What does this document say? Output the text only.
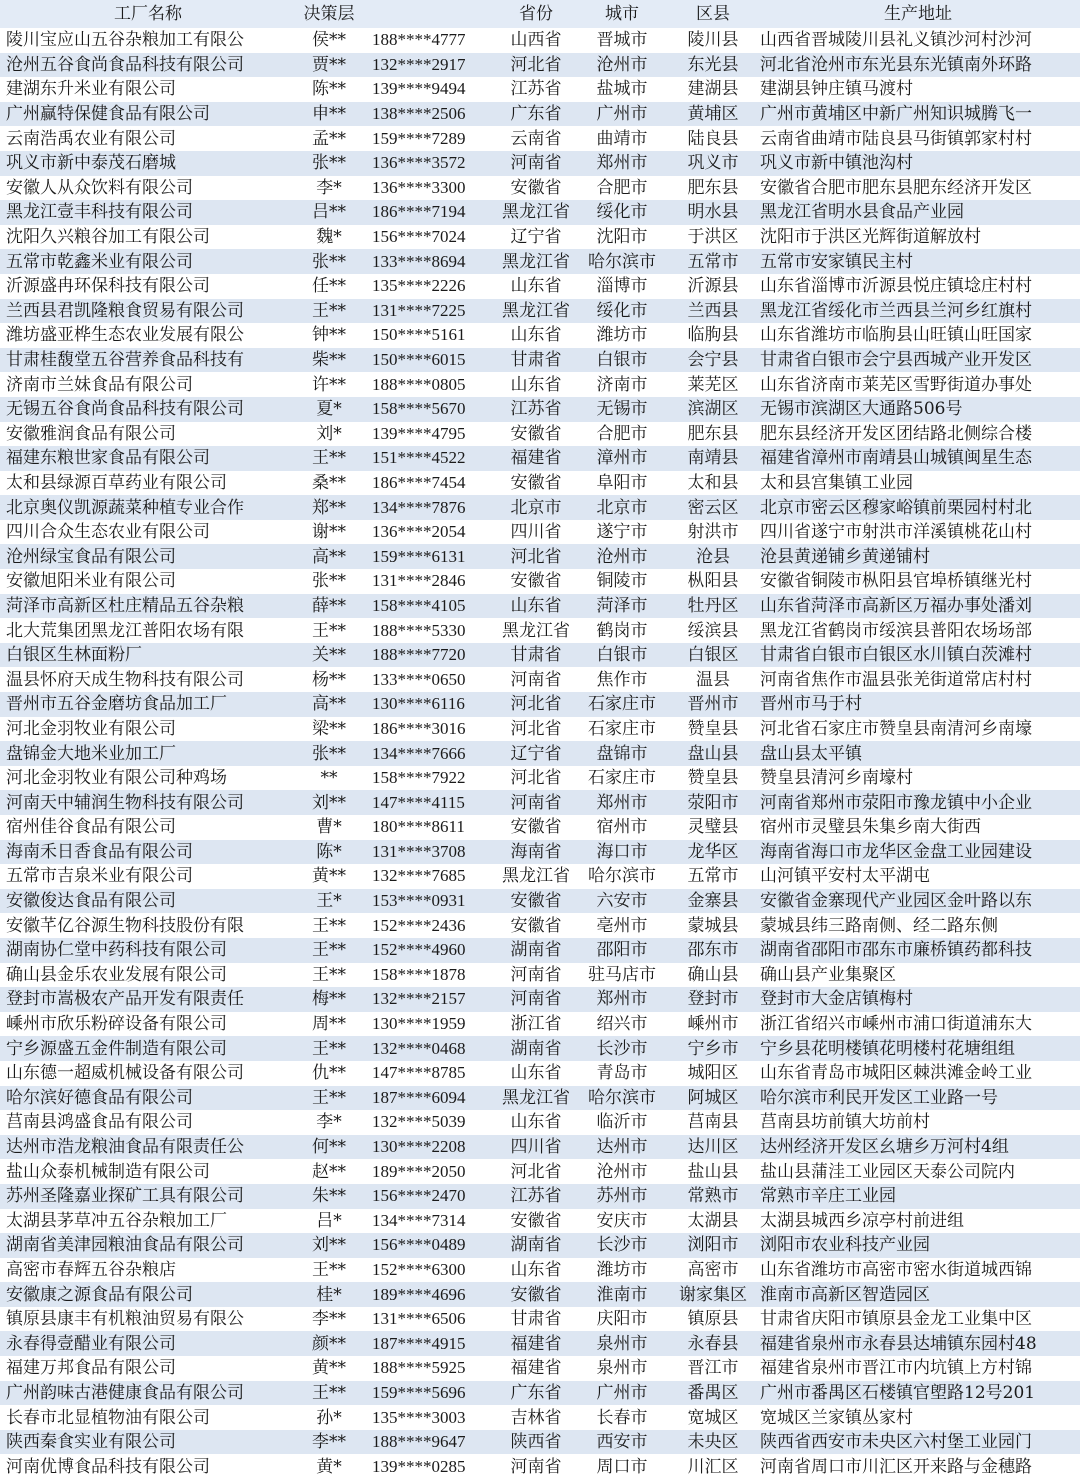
工厂名称	决策层		省份	城市	区县	生产地址
陵川宝应山五谷杂粮加工有限公	侯**	188****4777	山西省	晋城市	陵川县	山西省晋城陵川县礼义镇沙河村沙河
沧州五谷食尚食品科技有限公司	贾**	132****2917	河北省	沧州市	东光县	河北省沧州市东光县东光镇南外环路
建湖东升米业有限公司	陈**	139****9494	江苏省	盐城市	建湖县	建湖县钟庄镇马渡村
广州赢特保健食品有限公司	申**	138****2506	广东省	广州市	黄埔区	广州市黄埔区中新广州知识城腾飞一
云南浩禹农业有限公司	孟**	159****7289	云南省	曲靖市	陆良县	云南省曲靖市陆良县马街镇郭家村村
巩义市新中泰茂石磨城	张**	136****3572	河南省	郑州市	巩义市	巩义市新中镇池沟村
安徽人从众饮料有限公司	李*	136****3300	安徽省	合肥市	肥东县	安徽省合肥市肥东县肥东经济开发区
黑龙江壹丰科技有限公司	吕**	186****7194	黑龙江省	绥化市	明水县	黑龙江省明水县食品产业园
沈阳久兴粮谷加工有限公司	魏*	156****7024	辽宁省	沈阳市	于洪区	沈阳市于洪区光辉街道解放村
五常市乾鑫米业有限公司	张**	133****8694	黑龙江省	哈尔滨市	五常市	五常市安家镇民主村
沂源盛冉环保科技有限公司	任**	135****2226	山东省	淄博市	沂源县	山东省淄博市沂源县悦庄镇埝庄村村
兰西县君凯隆粮食贸易有限公司	王**	131****7225	黑龙江省	绥化市	兰西县	黑龙江省绥化市兰西县兰河乡红旗村
潍坊盛亚桦生态农业发展有限公	钟**	150****5161	山东省	潍坊市	临朐县	山东省潍坊市临朐县山旺镇山旺国家
甘肃桂馥堂五谷营养食品科技有	柴**	150****6015	甘肃省	白银市	会宁县	甘肃省白银市会宁县西城产业开发区
济南市兰妹食品有限公司	许**	188****0805	山东省	济南市	莱芜区	山东省济南市莱芜区雪野街道办事处
无锡五谷食尚食品科技有限公司	夏*	158****5670	江苏省	无锡市	滨湖区	无锡市滨湖区大通路506号
安徽雅润食品有限公司	刘*	139****4795	安徽省	合肥市	肥东县	肥东县经济开发区团结路北侧综合楼
福建东粮世家食品有限公司	王**	151****4522	福建省	漳州市	南靖县	福建省漳州市南靖县山城镇闽星生态
太和县绿源百草药业有限公司	桑**	186****7454	安徽省	阜阳市	太和县	太和县宫集镇工业园
北京奥仪凯源蔬菜种植专业合作	郑**	134****7876	北京市	北京市	密云区	北京市密云区穆家峪镇前栗园村村北
四川合众生态农业有限公司	谢**	136****2054	四川省	遂宁市	射洪市	四川省遂宁市射洪市洋溪镇桃花山村
沧州绿宝食品有限公司	高**	159****6131	河北省	沧州市	沧县	沧县黄递铺乡黄递铺村
安徽旭阳米业有限公司	张**	131****2846	安徽省	铜陵市	枞阳县	安徽省铜陵市枞阳县官埠桥镇继光村
菏泽市高新区杜庄精品五谷杂粮	薛**	158****4105	山东省	菏泽市	牡丹区	山东省菏泽市高新区万福办事处潘刘
北大荒集团黑龙江普阳农场有限	王**	188****5330	黑龙江省	鹤岗市	绥滨县	黑龙江省鹤岗市绥滨县普阳农场场部
白银区生林面粉厂	关**	188****7720	甘肃省	白银市	白银区	甘肃省白银市白银区水川镇白茨滩村
温县怀府天成生物科技有限公司	杨**	133****0650	河南省	焦作市	温县	河南省焦作市温县张羌街道常店村村
晋州市五谷金磨坊食品加工厂	高**	130****6116	河北省	石家庄市	晋州市	晋州市马于村
河北金羽牧业有限公司	梁**	186****3016	河北省	石家庄市	赞皇县	河北省石家庄市赞皇县南清河乡南壕
盘锦金大地米业加工厂	张**	134****7666	辽宁省	盘锦市	盘山县	盘山县太平镇
河北金羽牧业有限公司种鸡场	**	158****7922	河北省	石家庄市	赞皇县	赞皇县清河乡南壕村
河南天中辅润生物科技有限公司	刘**	147****4115	河南省	郑州市	荥阳市	河南省郑州市荥阳市豫龙镇中小企业
宿州佳谷食品有限公司	曹*	180****8611	安徽省	宿州市	灵璧县	宿州市灵璧县朱集乡南大街西
海南禾日香食品有限公司	陈*	131****3708	海南省	海口市	龙华区	海南省海口市龙华区金盘工业园建设
五常市吉泉米业有限公司	黄**	132****7685	黑龙江省	哈尔滨市	五常市	山河镇平安村太平湖屯
安徽俊达食品有限公司	王*	153****0931	安徽省	六安市	金寨县	安徽省金寨现代产业园区金叶路以东
安徽芊亿谷源生物科技股份有限	王**	152****2436	安徽省	亳州市	蒙城县	蒙城县纬三路南侧、经二路东侧
湖南协仁堂中药科技有限公司	王**	152****4960	湖南省	邵阳市	邵东市	湖南省邵阳市邵东市廉桥镇药都科技
确山县金乐农业发展有限公司	王**	158****1878	河南省	驻马店市	确山县	确山县产业集聚区
登封市嵩极农产品开发有限责任	梅**	132****2157	河南省	郑州市	登封市	登封市大金店镇梅村
嵊州市欣乐粉碎设备有限公司	周**	130****1959	浙江省	绍兴市	嵊州市	浙江省绍兴市嵊州市浦口街道浦东大
宁乡源盛五金件制造有限公司	王**	132****0468	湖南省	长沙市	宁乡市	宁乡县花明楼镇花明楼村花塘组组
山东德一超威机械设备有限公司	仇**	147****8785	山东省	青岛市	城阳区	山东省青岛市城阳区棘洪滩金岭工业
哈尔滨好德食品有限公司	王**	187****6094	黑龙江省	哈尔滨市	阿城区	哈尔滨市利民开发区工业路一号
莒南县鸿盛食品有限公司	李*	132****5039	山东省	临沂市	莒南县	莒南县坊前镇大坊前村
达州市浩龙粮油食品有限责任公	何**	130****2208	四川省	达州市	达川区	达州经济开发区幺塘乡万河村4组
盐山众泰机械制造有限公司	赵**	189****2050	河北省	沧州市	盐山县	盐山县蒲洼工业园区天泰公司院内
苏州圣隆嘉业探矿工具有限公司	朱**	156****2470	江苏省	苏州市	常熟市	常熟市辛庄工业园
太湖县茅草冲五谷杂粮加工厂	吕*	134****7314	安徽省	安庆市	太湖县	太湖县城西乡凉亭村前进组
湖南省美津园粮油食品有限公司	刘**	156****0489	湖南省	长沙市	浏阳市	浏阳市农业科技产业园
高密市春辉五谷杂粮店	王**	152****6300	山东省	潍坊市	高密市	山东省潍坊市高密市密水街道城西锦
安徽康之源食品有限公司	桂*	189****4696	安徽省	淮南市	谢家集区	淮南市高新区智造园区
镇原县康丰有机粮油贸易有限公	李**	131****6506	甘肃省	庆阳市	镇原县	甘肃省庆阳市镇原县金龙工业集中区
永春得壹醋业有限公司	颜**	187****4915	福建省	泉州市	永春县	福建省泉州市永春县达埔镇东园村48
福建万邦食品有限公司	黄**	188****5925	福建省	泉州市	晋江市	福建省泉州市晋江市内坑镇上方村锦
广州韵味古港健康食品有限公司	王**	159****5696	广东省	广州市	番禺区	广州市番禺区石楼镇官塱路12号201
长春市北显植物油有限公司	孙*	135****3003	吉林省	长春市	宽城区	宽城区兰家镇丛家村
陕西秦食实业有限公司	李**	188****9647	陕西省	西安市	未央区	陕西省西安市未央区六村堡工业园门
河南优博食品科技有限公司	黄*	139****0285	河南省	周口市	川汇区	河南省周口市川汇区开来路与金穗路
